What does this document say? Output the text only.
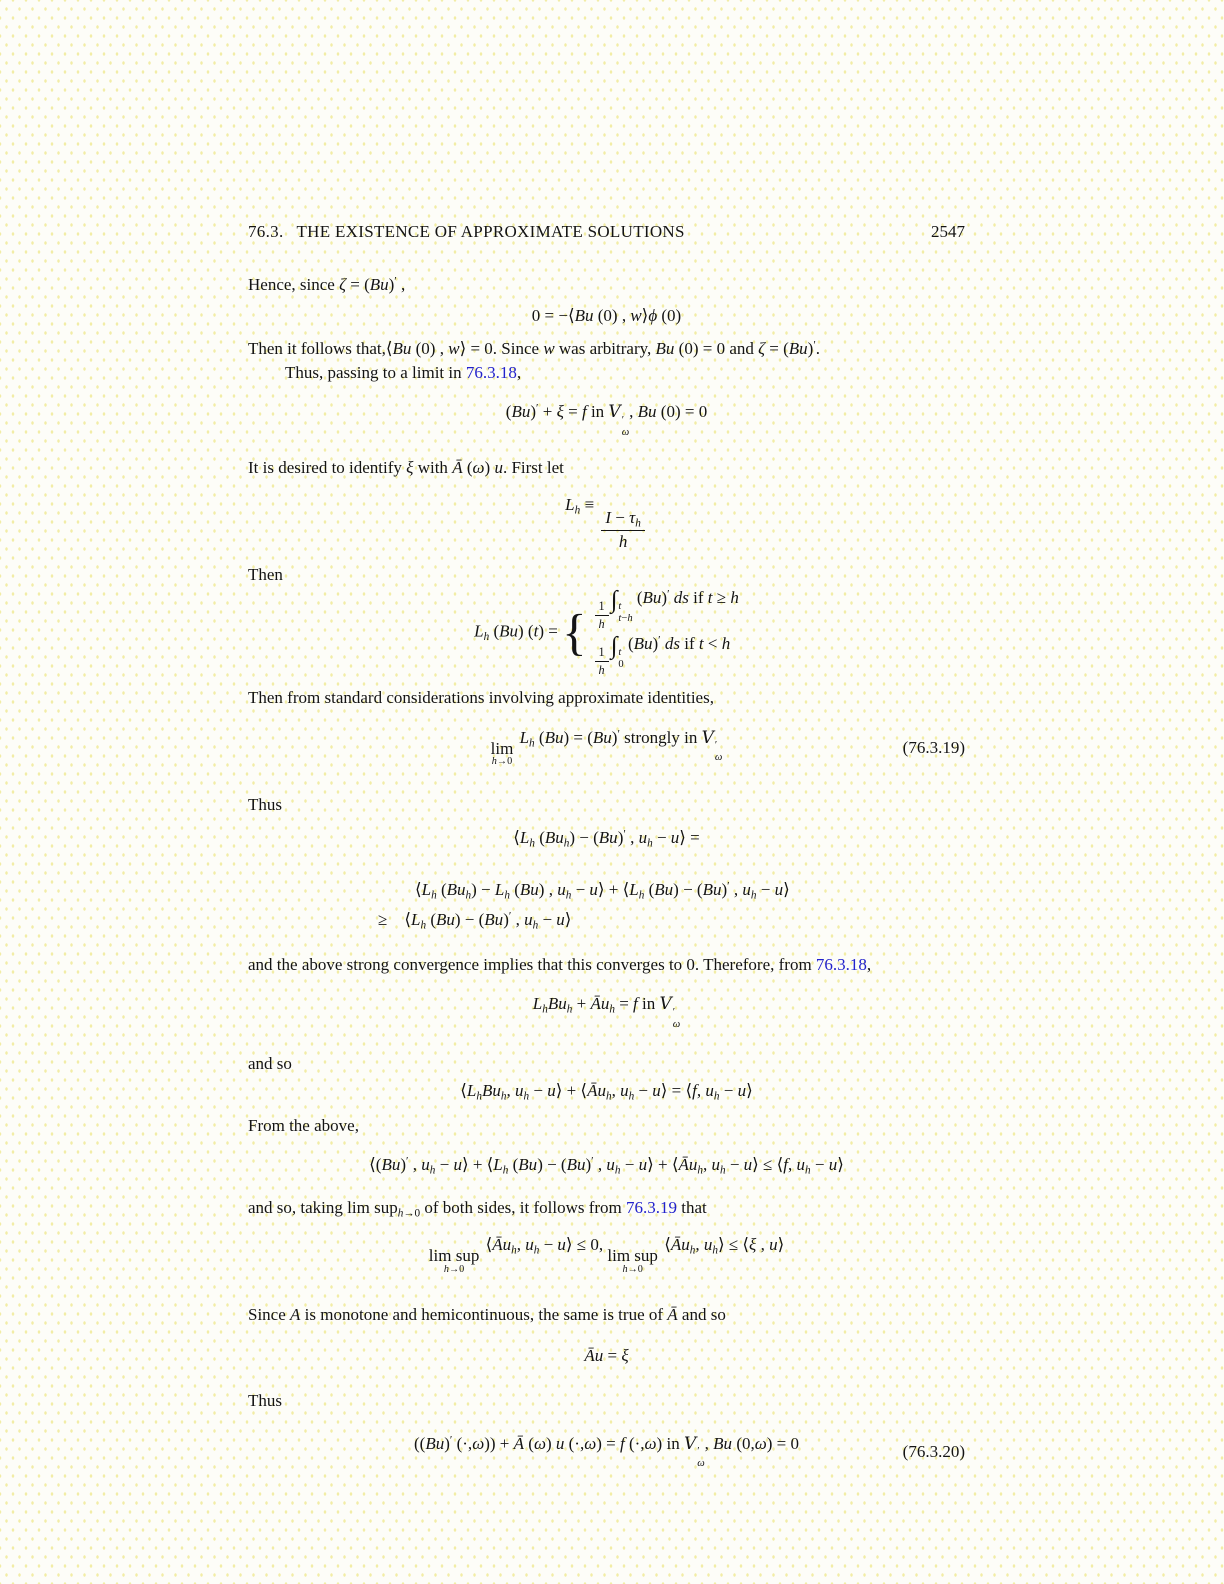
76.3. THE EXISTENCE OF APPROXIMATE SOLUTIONS	2547
Hence, since ζ = (Bu)′ ,
0 = −⟨Bu (0) , w⟩ϕ (0)
Then it follows that,⟨Bu (0) , w⟩ = 0. Since w was arbitrary, Bu (0) = 0 and ζ = (Bu)′.
Thus, passing to a limit in 76.3.18,
(Bu)′ + ξ = f in V ′
ω
, Bu (0) = 0
It is desired to identify ξ with Ā (ω) u. First let
$L_h$ ≡
$\frac{I - \tau_h}{h}$
Then
$L_h$ (Bu) (t) = { $\frac{1}{h}$ ∫ t
t−h
(Bu)′ ds if t ≥ h
$\frac{1}{h}$ ∫ t
0
(Bu)′ ds if t < h
Then from standard considerations involving approximate identities,
lim
h→0
$L_h$ (Bu) = (Bu)′ strongly in V ′
ω
(76.3.19)
Thus
$⟨L_h$ $(Bu_h) - (Bu)'$ , $u_h$ − u⟩ =
$⟨L_h$ $(Bu_h) - L_h$ (Bu) , $u_h$ − u⟩ + $⟨L_h$ (Bu) − (Bu)′ , $u_h$ − u⟩
≥  $⟨L_h$ (Bu) − (Bu)′ , $u_h$ − u⟩
and the above strong convergence implies that this converges to 0. Therefore, from 76.3.18,
$L_hBu_h$ + $Āu_h = f$ in V ′
ω
and so
$⟨L_hBu_h$, $u_h$ − u⟩ + $⟨Āu_h$, $u_h$ − u⟩ = ⟨f, $u_h$ − u⟩
From the above,
⟨(Bu)′ , $u_h$ − u⟩ + $⟨L_h$ (Bu) − (Bu)′ , $u_h$ − u⟩ + $⟨Āu_h$, $u_h$ − u⟩ ≤ ⟨f, $u_h$ − u⟩
and so, taking lim sup$_{h\to 0}$ of both sides, it follows from 76.3.19 that
lim sup
h→0
$⟨Āu_h$, $u_h$ − u⟩ ≤ 0,
lim sup
h→0
$⟨Āu_h$, $u_h⟩$ ≤ ⟨ξ , u⟩
Since A is monotone and hemicontinuous, the same is true of Ā and so
Āu = ξ
Thus
((Bu)′ (·,ω)) + Ā (ω) u (·,ω) = f (·,ω) in V ′
ω
, Bu (0,ω) = 0	(76.3.20)
